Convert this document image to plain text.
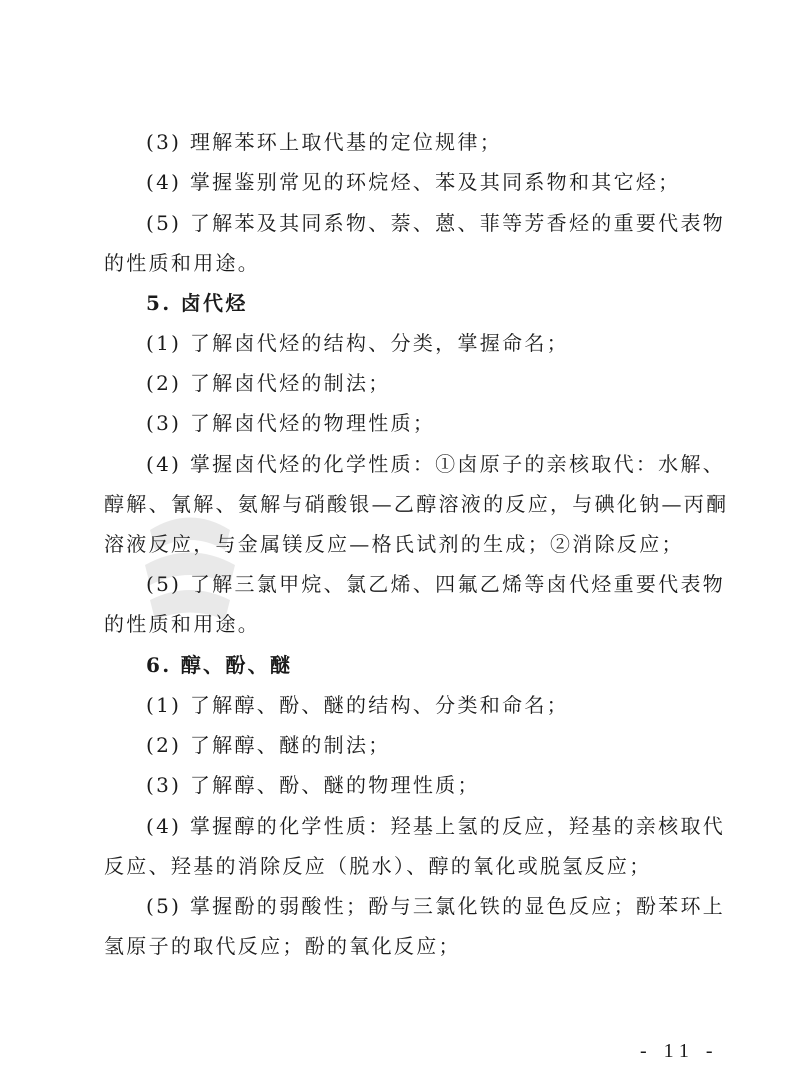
(3) 理解苯环上取代基的定位规律；
(4) 掌握鉴别常见的环烷烃、苯及其同系物和其它烃；
(5) 了解苯及其同系物、萘、蒽、菲等芳香烃的重要代表物
的性质和用途。
5. 卤代烃
(1) 了解卤代烃的结构、分类，掌握命名；
(2) 了解卤代烃的制法；
(3) 了解卤代烃的物理性质；
(4) 掌握卤代烃的化学性质：①卤原子的亲核取代：水解、
醇解、氰解、氨解与硝酸银—乙醇溶液的反应，与碘化钠—丙酮
溶液反应，与金属镁反应—格氏试剂的生成；②消除反应；
(5) 了解三氯甲烷、氯乙烯、四氟乙烯等卤代烃重要代表物
的性质和用途。
6. 醇、酚、醚
(1) 了解醇、酚、醚的结构、分类和命名；
(2) 了解醇、醚的制法；
(3) 了解醇、酚、醚的物理性质；
(4) 掌握醇的化学性质：羟基上氢的反应，羟基的亲核取代
反应、羟基的消除反应（脱水）、醇的氧化或脱氢反应；
(5) 掌握酚的弱酸性；酚与三氯化铁的显色反应；酚苯环上
氢原子的取代反应；酚的氧化反应；
- 11 -
